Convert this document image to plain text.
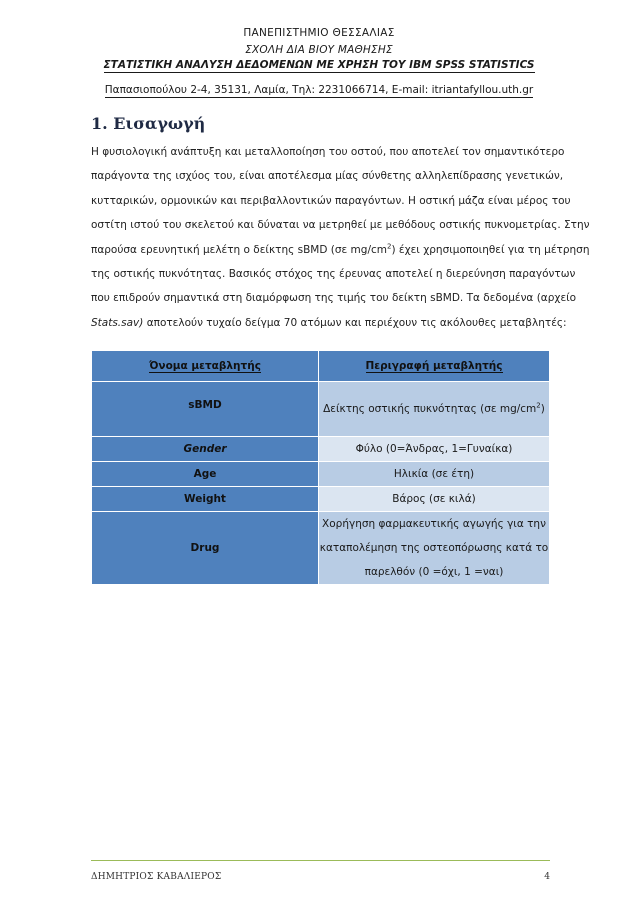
ΠΑΝΕΠΙΣΤΗΜΙΟ ΘΕΣΣΑΛΙΑΣ
ΣΧΟΛΗ ΔΙΑ ΒΙΟΥ ΜΑΘΗΣΗΣ
ΣΤΑΤΙΣΤΙΚΗ ΑΝΑΛΥΣΗ ΔΕΔΟΜΕΝΩΝ ΜΕ ΧΡΗΣΗ ΤΟΥ IBM SPSS STATISTICS
Παπασιοπούλου 2-4, 35131, Λαμία, Τηλ: 2231066714, E-mail: itriantafyllou.uth.gr
1. Εισαγωγή

Η φυσιολογική ανάπτυξη και μεταλλοποίηση του οστού, που αποτελεί τον σημαντικότερο

παράγοντα της ισχύος του, είναι αποτέλεσμα μίας σύνθετης αλληλεπίδρασης γενετικών,

κυτταρικών, ορμονικών και περιβαλλοντικών παραγόντων. Η οστική μάζα είναι μέρος του

οστίτη ιστού του σκελετού και δύναται να μετρηθεί με μεθόδους οστικής πυκνομετρίας. Στην

παρούσα ερευνητική μελέτη ο δείκτης sBMD (σε $mg/cm^2$) έχει χρησιμοποιηθεί για τη μέτρηση

της οστικής πυκνότητας. Βασικός στόχος της έρευνας αποτελεί η διερεύνηση παραγόντων

που επιδρούν σημαντικά στη διαμόρφωση της τιμής του δείκτη sBMD. Τα δεδομένα (αρχείο

Stats.sav) αποτελούν τυχαίο δείγμα 70 ατόμων και περιέχουν τις ακόλουθες μεταβλητές:

Όνομα μεταβλητής	Περιγραφή μεταβλητής
sBMD	Δείκτης οστικής πυκνότητας (σε $mg/cm^2$)
Gender	Φύλο (0=Άνδρας, 1=Γυναίκα)
Age	Ηλικία (σε έτη)
Weight	Βάρος (σε κιλά)
Drug	Χορήγηση φαρμακευτικής αγωγής για την
καταπολέμηση της οστεοπόρωσης κατά το
παρελθόν (0 =όχι, 1 =ναι)
ΔΗΜΗΤΡΙΟΣ ΚΑΒΑΛΙΕΡΟΣ	4
